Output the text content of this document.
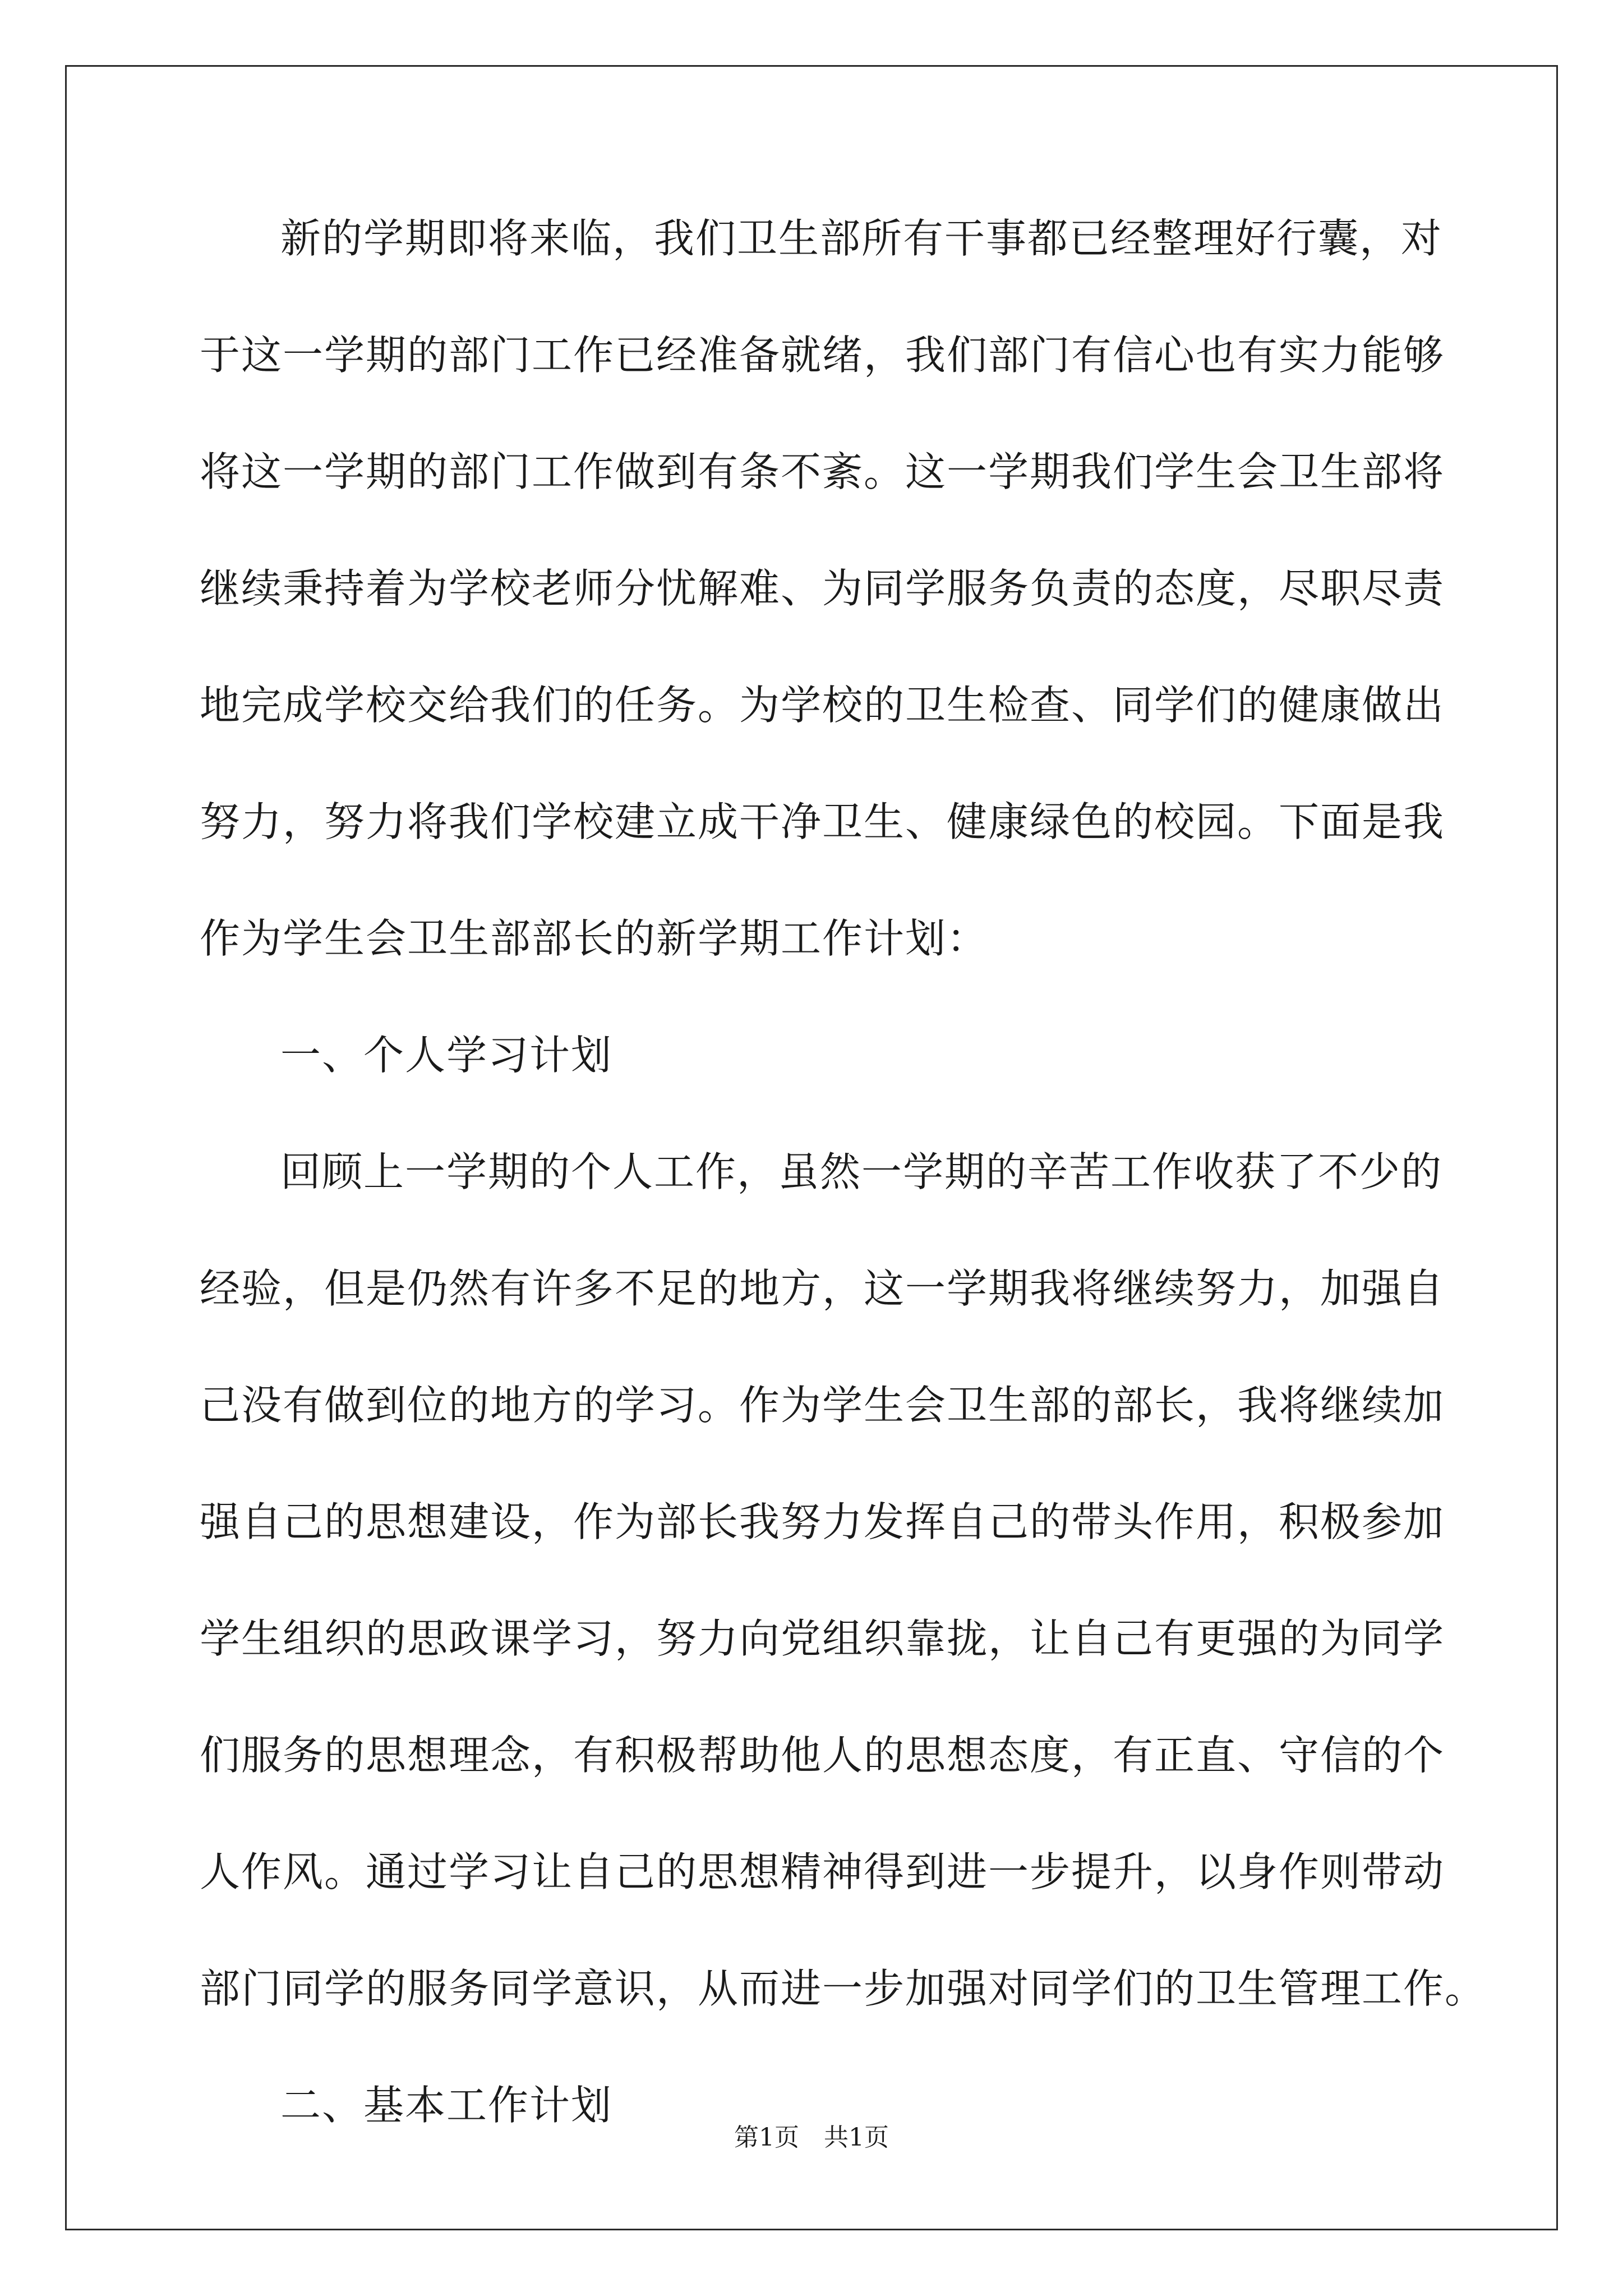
新的学期即将来临，我们卫生部所有干事都已经整理好行囊，对
于这一学期的部门工作已经准备就绪，我们部门有信心也有实力能够
将这一学期的部门工作做到有条不紊。这一学期我们学生会卫生部将
继续秉持着为学校老师分忧解难、为同学服务负责的态度，尽职尽责
地完成学校交给我们的任务。为学校的卫生检查、同学们的健康做出
努力，努力将我们学校建立成干净卫生、健康绿色的校园。下面是我
作为学生会卫生部部长的新学期工作计划：
一、个人学习计划
回顾上一学期的个人工作，虽然一学期的辛苦工作收获了不少的
经验，但是仍然有许多不足的地方，这一学期我将继续努力，加强自
己没有做到位的地方的学习。作为学生会卫生部的部长，我将继续加
强自己的思想建设，作为部长我努力发挥自己的带头作用，积极参加
学生组织的思政课学习，努力向党组织靠拢，让自己有更强的为同学
们服务的思想理念，有积极帮助他人的思想态度，有正直、守信的个
人作风。通过学习让自己的思想精神得到进一步提升，以身作则带动
部门同学的服务同学意识，从而进一步加强对同学们的卫生管理工作。
二、基本工作计划
第1页　共1页
